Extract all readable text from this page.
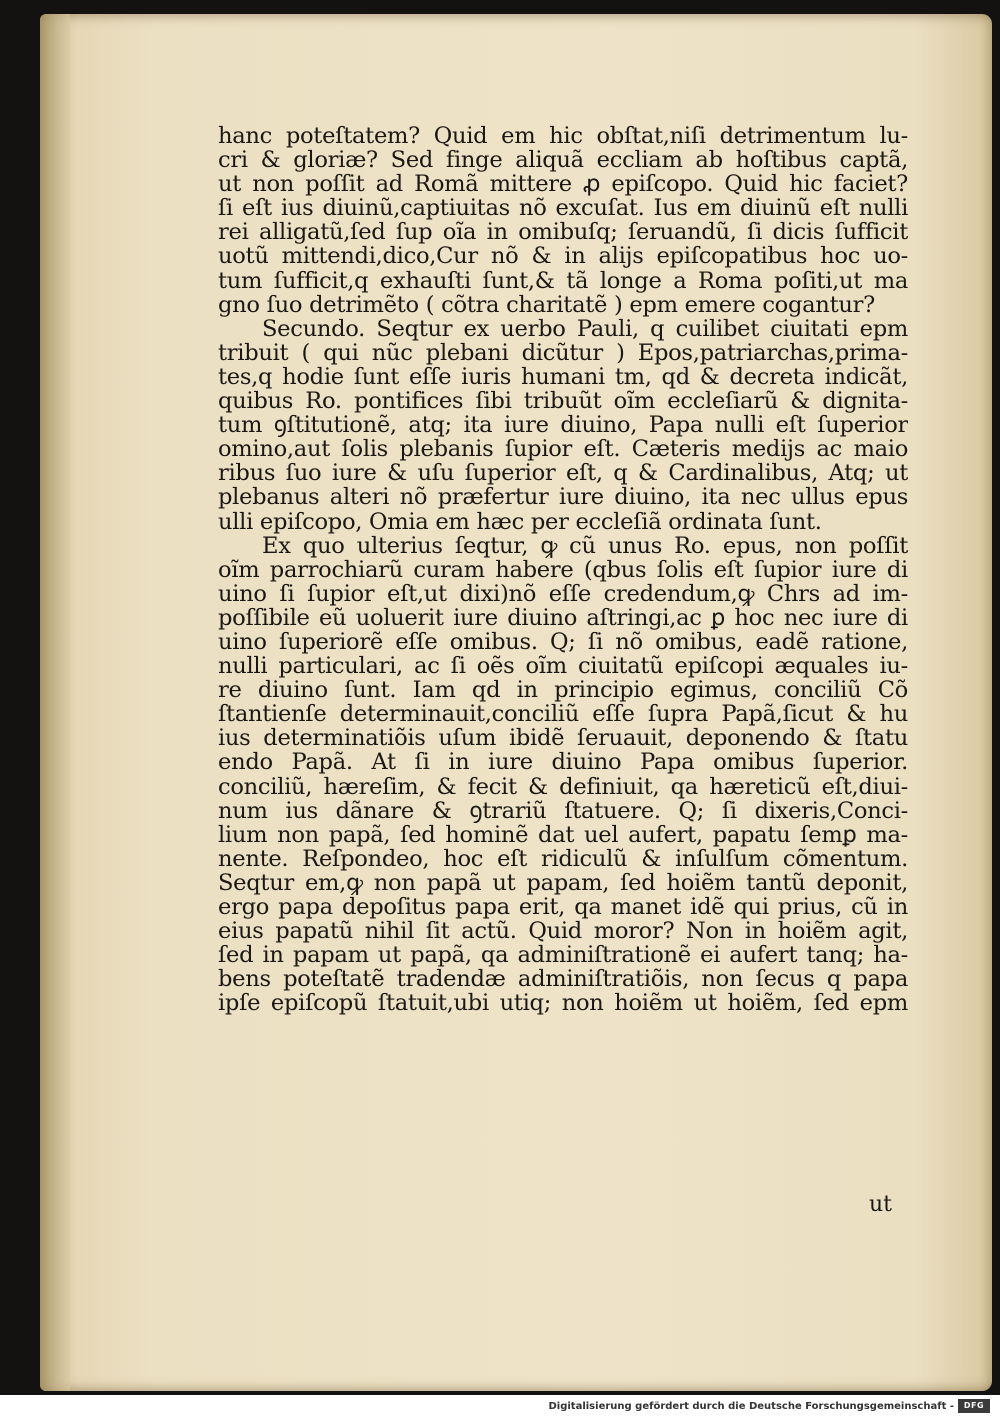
hanc poteſtatem? Quid em hic obſtat,niſi detrimentum lu-
cri & gloriæ? Sed finge aliquã eccliam ab hoſtibus captã,
ut non poſſit ad Romã mittere ꝓ epiſcopo. Quid hic faciet?
ſi eſt ius diuinũ,captiuitas nõ excuſat. Ius em diuinũ eſt nulli
rei alligatũ,ſed ſup oĩa in omibuſq; ſeruandũ, ſi dicis ſufficit
uotũ mittendi,dico,Cur nõ & in alijs epiſcopatibus hoc uo-
tum ſufficit,q exhauſti ſunt,& tã longe a Roma poſiti,ut ma
gno ſuo detrimẽto ( cõtra charitatẽ ) epm emere cogantur?
Secundo. Seqtur ex uerbo Pauli, q cuilibet ciuitati epm
tribuit ( qui nũc plebani dicũtur ) Epos,patriarchas,prima-
tes,q hodie ſunt eſſe iuris humani tm, qd & decreta indicãt,
quibus Ro. pontifices ſibi tribuũt oĩm eccleſiarũ & dignita-
tum ꝯſtitutionẽ, atq; ita iure diuino, Papa nulli eſt ſuperior
omino,aut ſolis plebanis ſupior eſt. Cæteris medijs ac maio
ribus ſuo iure & uſu ſuperior eſt, q & Cardinalibus, Atq; ut
plebanus alteri nõ præfertur iure diuino, ita nec ullus epus
ulli epiſcopo, Omia em hæc per eccleſiã ordinata ſunt.
Ex quo ulterius ſeqtur, ꝙ cũ unus Ro. epus, non poſſit
oĩm parrochiarũ curam habere (qbus ſolis eſt ſupior iure di
uino ſi ſupior eſt,ut dixi)nõ eſſe credendum,ꝙ Chrs ad im-
poſſibile eũ uoluerit iure diuino aſtringi,ac ꝑ hoc nec iure di
uino ſuperiorẽ eſſe omibus. Q; ſi nõ omibus, eadẽ ratione,
nulli particulari, ac ſi oẽs oĩm ciuitatũ epiſcopi æquales iu-
re diuino ſunt. Iam qd in principio egimus, conciliũ Cõ
ſtantienſe determinauit,conciliũ eſſe ſupra Papã,ſicut & hu
ius determinatiõis uſum ibidẽ ſeruauit, deponendo & ſtatu
endo Papã. At ſi in iure diuino Papa omibus ſuperior.
conciliũ, hæreſim, & fecit & definiuit, qa hæreticũ eſt,diui-
num ius dãnare & ꝯtrariũ ſtatuere. Q; ſi dixeris,Conci-
lium non papã, ſed hominẽ dat uel aufert, papatu ſemꝑ ma-
nente. Reſpondeo, hoc eſt ridiculũ & inſulſum cõmentum.
Seqtur em,ꝙ non papã ut papam, ſed hoiẽm tantũ deponit,
ergo papa depoſitus papa erit, qa manet idẽ qui prius, cũ in
eius papatũ nihil ſit actũ. Quid moror? Non in hoiẽm agit,
ſed in papam ut papã, qa adminiſtrationẽ ei aufert tanq; ha-
bens poteſtatẽ tradendæ adminiſtratiõis, non ſecus q papa
ipſe epiſcopũ ſtatuit,ubi utiq; non hoiẽm ut hoiẽm, ſed epm
ut
Digitalisierung gefördert durch die Deutsche Forschungsgemeinschaft -	DFG
